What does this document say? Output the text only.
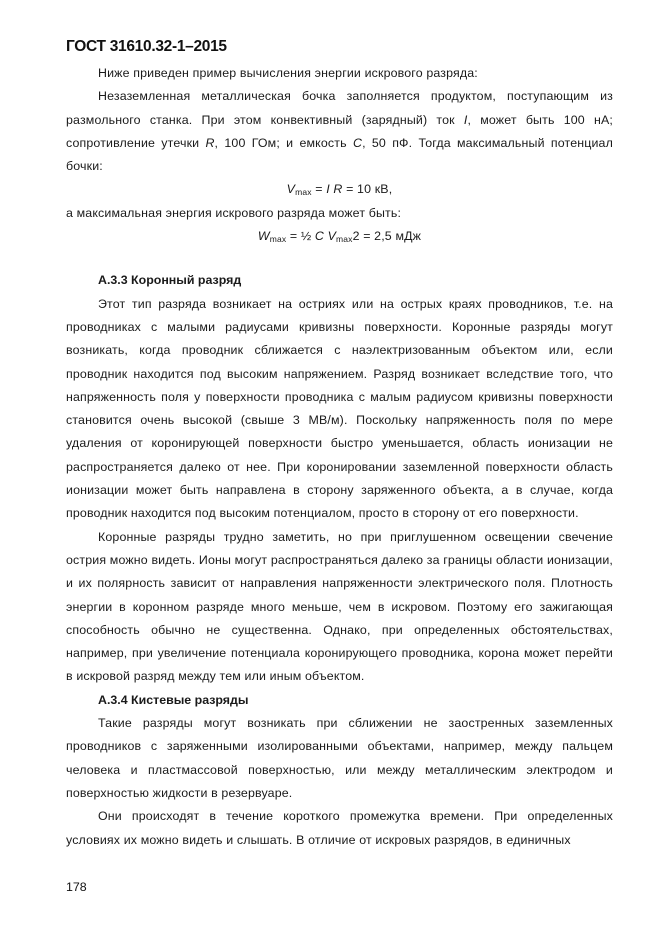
ГОСТ 31610.32-1–2015

Ниже приведен пример вычисления энергии искрового разряда:

Незаземленная металлическая бочка заполняется продуктом, поступающим из размольного станка. При этом конвективный (зарядный) ток I, может быть 100 нА; сопротивление утечки R, 100 ГОм; и емкость C, 50 пФ. Тогда максимальный потенциал бочки:

$V_{max} = I$ R = 10 кВ,

а максимальная энергия искрового разряда может быть:

$W_{max}$ = ½ C $V_{max}2 = 2,5$ мДж

А.3.3 Коронный разряд

Этот тип разряда возникает на остриях или на острых краях проводников, т.е. на проводниках с малыми радиусами кривизны поверхности. Коронные разряды могут возникать, когда проводник сближается с наэлектризованным объектом или, если проводник находится под высоким напряжением. Разряд возникает вследствие того, что напряженность поля у поверхности проводника с малым радиусом кривизны поверхности становится очень высокой (свыше 3 МВ/м). Поскольку напряженность поля по мере удаления от коронирующей поверхности быстро уменьшается, область ионизации не распространяется далеко от нее. При коронировании заземленной поверхности область ионизации может быть направлена в сторону заряженного объекта, а в случае, когда проводник находится под высоким потенциалом, просто в сторону от его поверхности.

Коронные разряды трудно заметить, но при приглушенном освещении свечение острия можно видеть. Ионы могут распространяться далеко за границы области ионизации, и их полярность зависит от направления напряженности электрического поля. Плотность энергии в коронном разряде много меньше, чем в искровом. Поэтому его зажигающая способность обычно не существенна. Однако, при определенных обстоятельствах, например, при увеличение потенциала коронирующего проводника, корона может перейти в искровой разряд между тем или иным объектом.

А.3.4 Кистевые разряды

Такие разряды могут возникать при сближении не заостренных заземленных проводников с заряженными изолированными объектами, например, между пальцем человека и пластмассовой поверхностью, или между металлическим электродом и поверхностью жидкости в резервуаре.

Они происходят в течение короткого промежутка времени. При определенных условиях их можно видеть и слышать. В отличие от искровых разрядов, в единичных

178
